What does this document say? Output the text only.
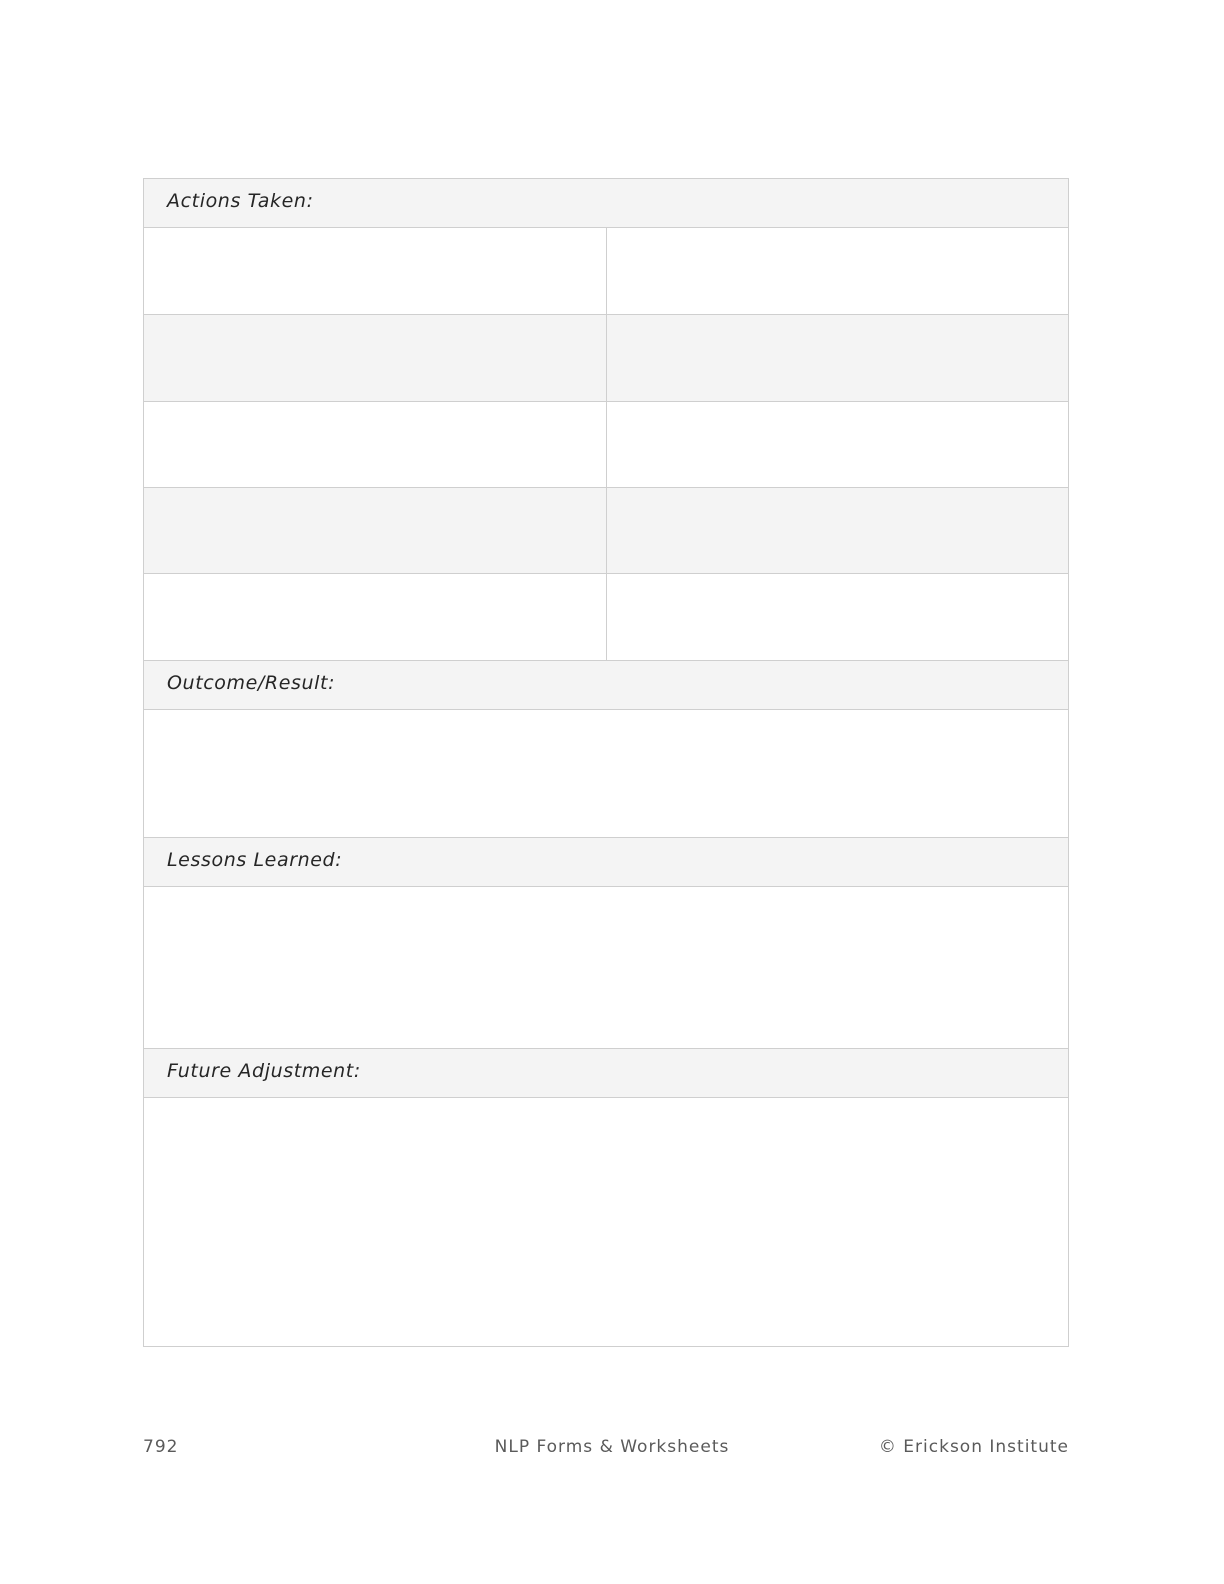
Actions Taken:
Outcome/Result:
Lessons Learned:
Future Adjustment:
792	NLP Forms & Worksheets	© Erickson Institute
